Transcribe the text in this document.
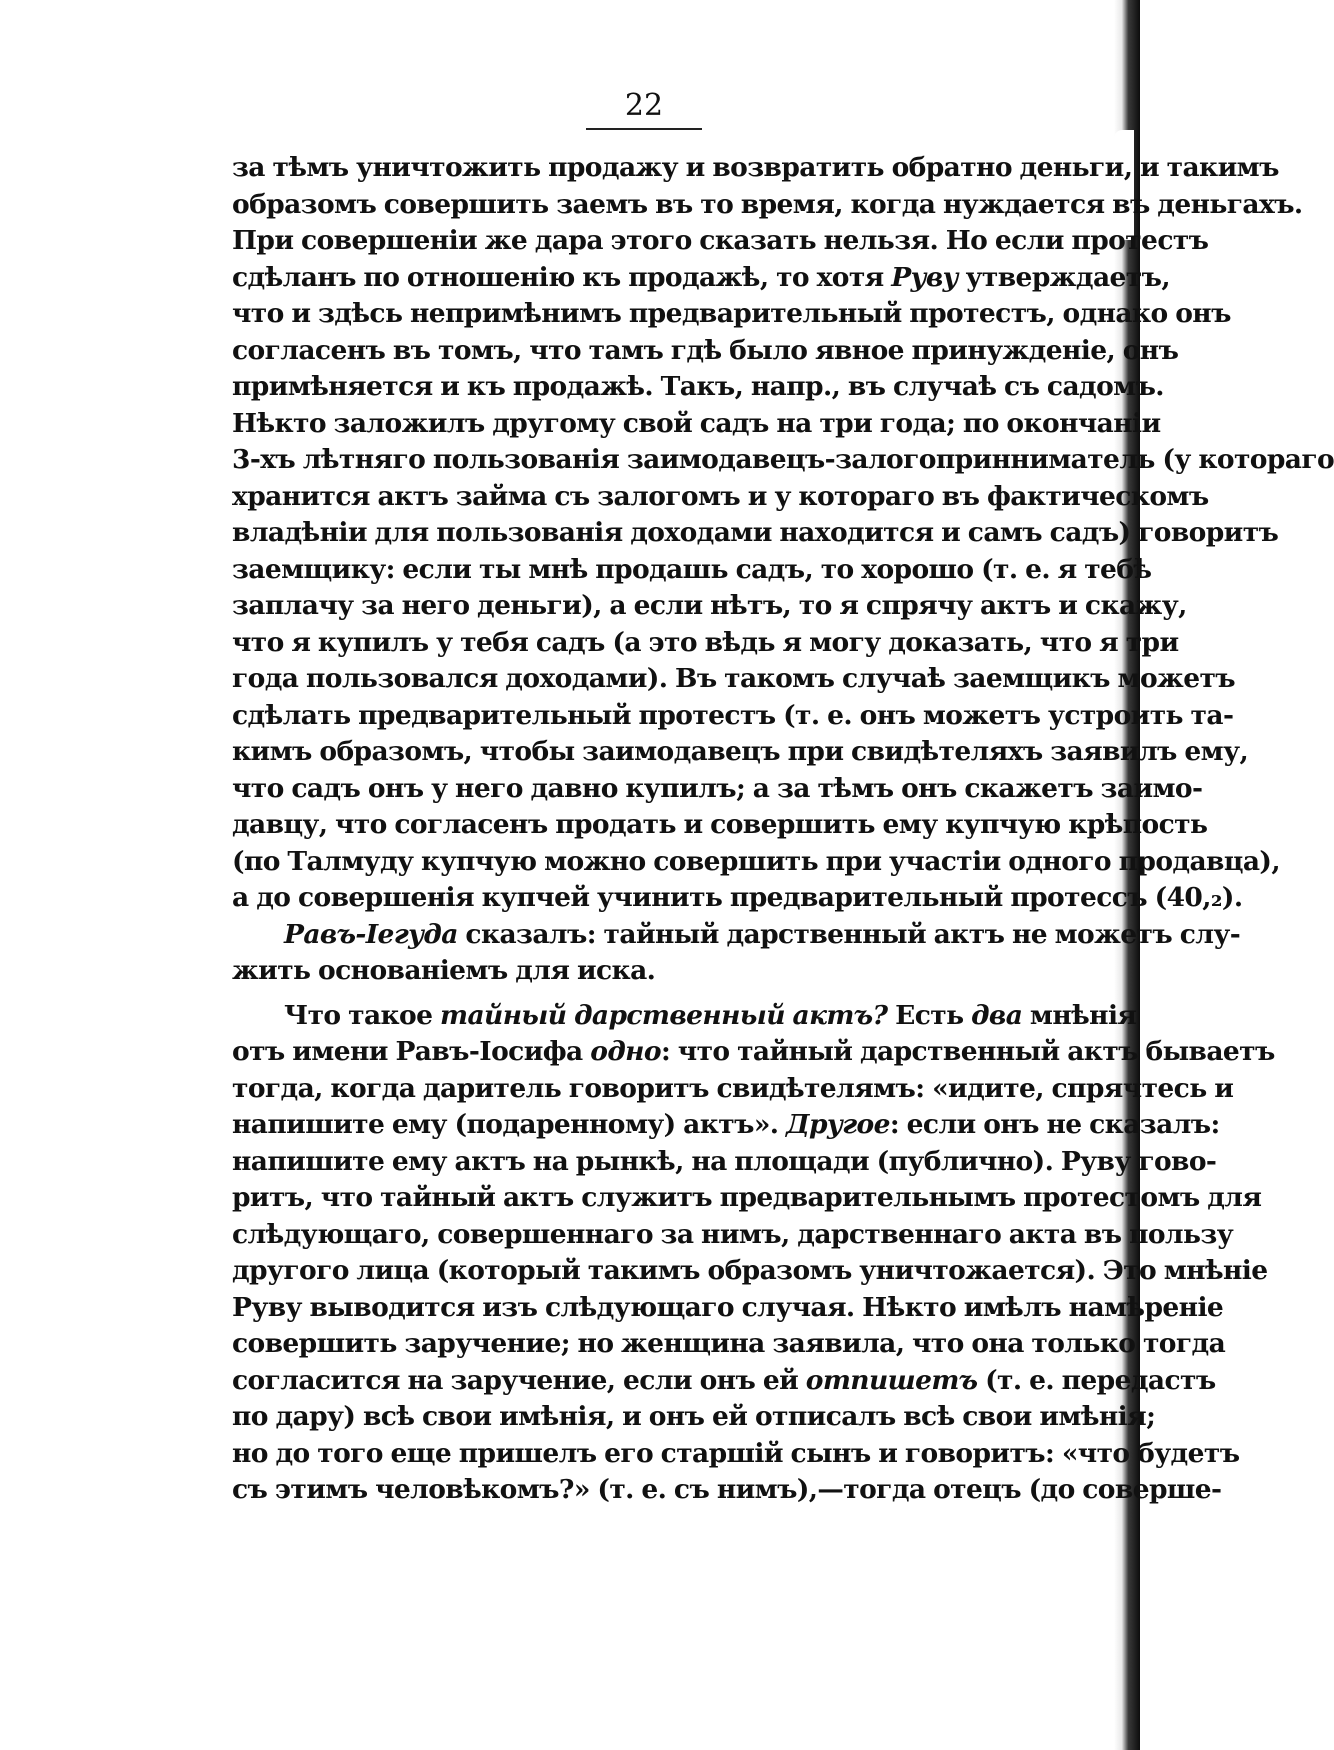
22
за тѣмъ уничтожить продажу и возвратить обратно деньги, и такимъ
образомъ совершить заемъ въ то время, когда нуждается въ деньгахъ.
При совершеніи же дара этого сказать нельзя. Но если протестъ
сдѣланъ по отношенію къ продажѣ, то хотя Руву утверждаетъ,
что и здѣсь непримѣнимъ предварительный протестъ, однако онъ
согласенъ въ томъ, что тамъ гдѣ было явное принужденіе, онъ
примѣняется и къ продажѣ. Такъ, напр., въ случаѣ съ садомъ.
Нѣкто заложилъ другому свой садъ на три года; по окончаніи
3-хъ лѣтняго пользованія заимодавецъ-залогопринниматель (у котораго
хранится актъ займа съ залогомъ и у котораго въ фактическомъ
владѣніи для пользованія доходами находится и самъ садъ) говоритъ
заемщику: если ты мнѣ продашь садъ, то хорошо (т. е. я тебѣ
заплачу за него деньги), а если нѣтъ, то я спрячу актъ и скажу,
что я купилъ у тебя садъ (а это вѣдь я могу доказать, что я три
года пользовался доходами). Въ такомъ случаѣ заемщикъ можетъ
сдѣлать предварительный протестъ (т. е. онъ можетъ устроить та-
кимъ образомъ, чтобы заимодавецъ при свидѣтеляхъ заявилъ ему,
что садъ онъ у него давно купилъ; а за тѣмъ онъ скажетъ заимо-
давцу, что согласенъ продать и совершить ему купчую крѣпость
(по Талмуду купчую можно совершить при участіи одного продавца),
а до совершенія купчей учинить предварительный протессъ (40,₂).
Равъ-Іегуда сказалъ: тайный дарственный актъ не можетъ слу-
жить основаніемъ для иска.
Что такое тайный дарственный актъ? Есть два мнѣнія
отъ имени Равъ-Іосифа одно: что тайный дарственный актъ бываетъ
тогда, когда даритель говоритъ свидѣтелямъ: «идите, спрячтесь и
напишите ему (подаренному) актъ». Другое: если онъ не сказалъ:
напишите ему актъ на рынкѣ, на площади (публично). Руву гово-
ритъ, что тайный актъ служитъ предварительнымъ протестомъ для
слѣдующаго, совершеннаго за нимъ, дарственнаго акта въ пользу
другого лица (который такимъ образомъ уничтожается). Это мнѣніе
Руву выводится изъ слѣдующаго случая. Нѣкто имѣлъ намѣреніе
совершить заручение; но женщина заявила, что она только тогда
согласится на заручение, если онъ ей отпишетъ (т. е. передастъ
по дару) всѣ свои имѣнія, и онъ ей отписалъ всѣ свои имѣнія;
но до того еще пришелъ его старшій сынъ и говоритъ: «что будетъ
съ этимъ человѣкомъ?» (т. е. съ нимъ),—тогда отецъ (до соверше-
